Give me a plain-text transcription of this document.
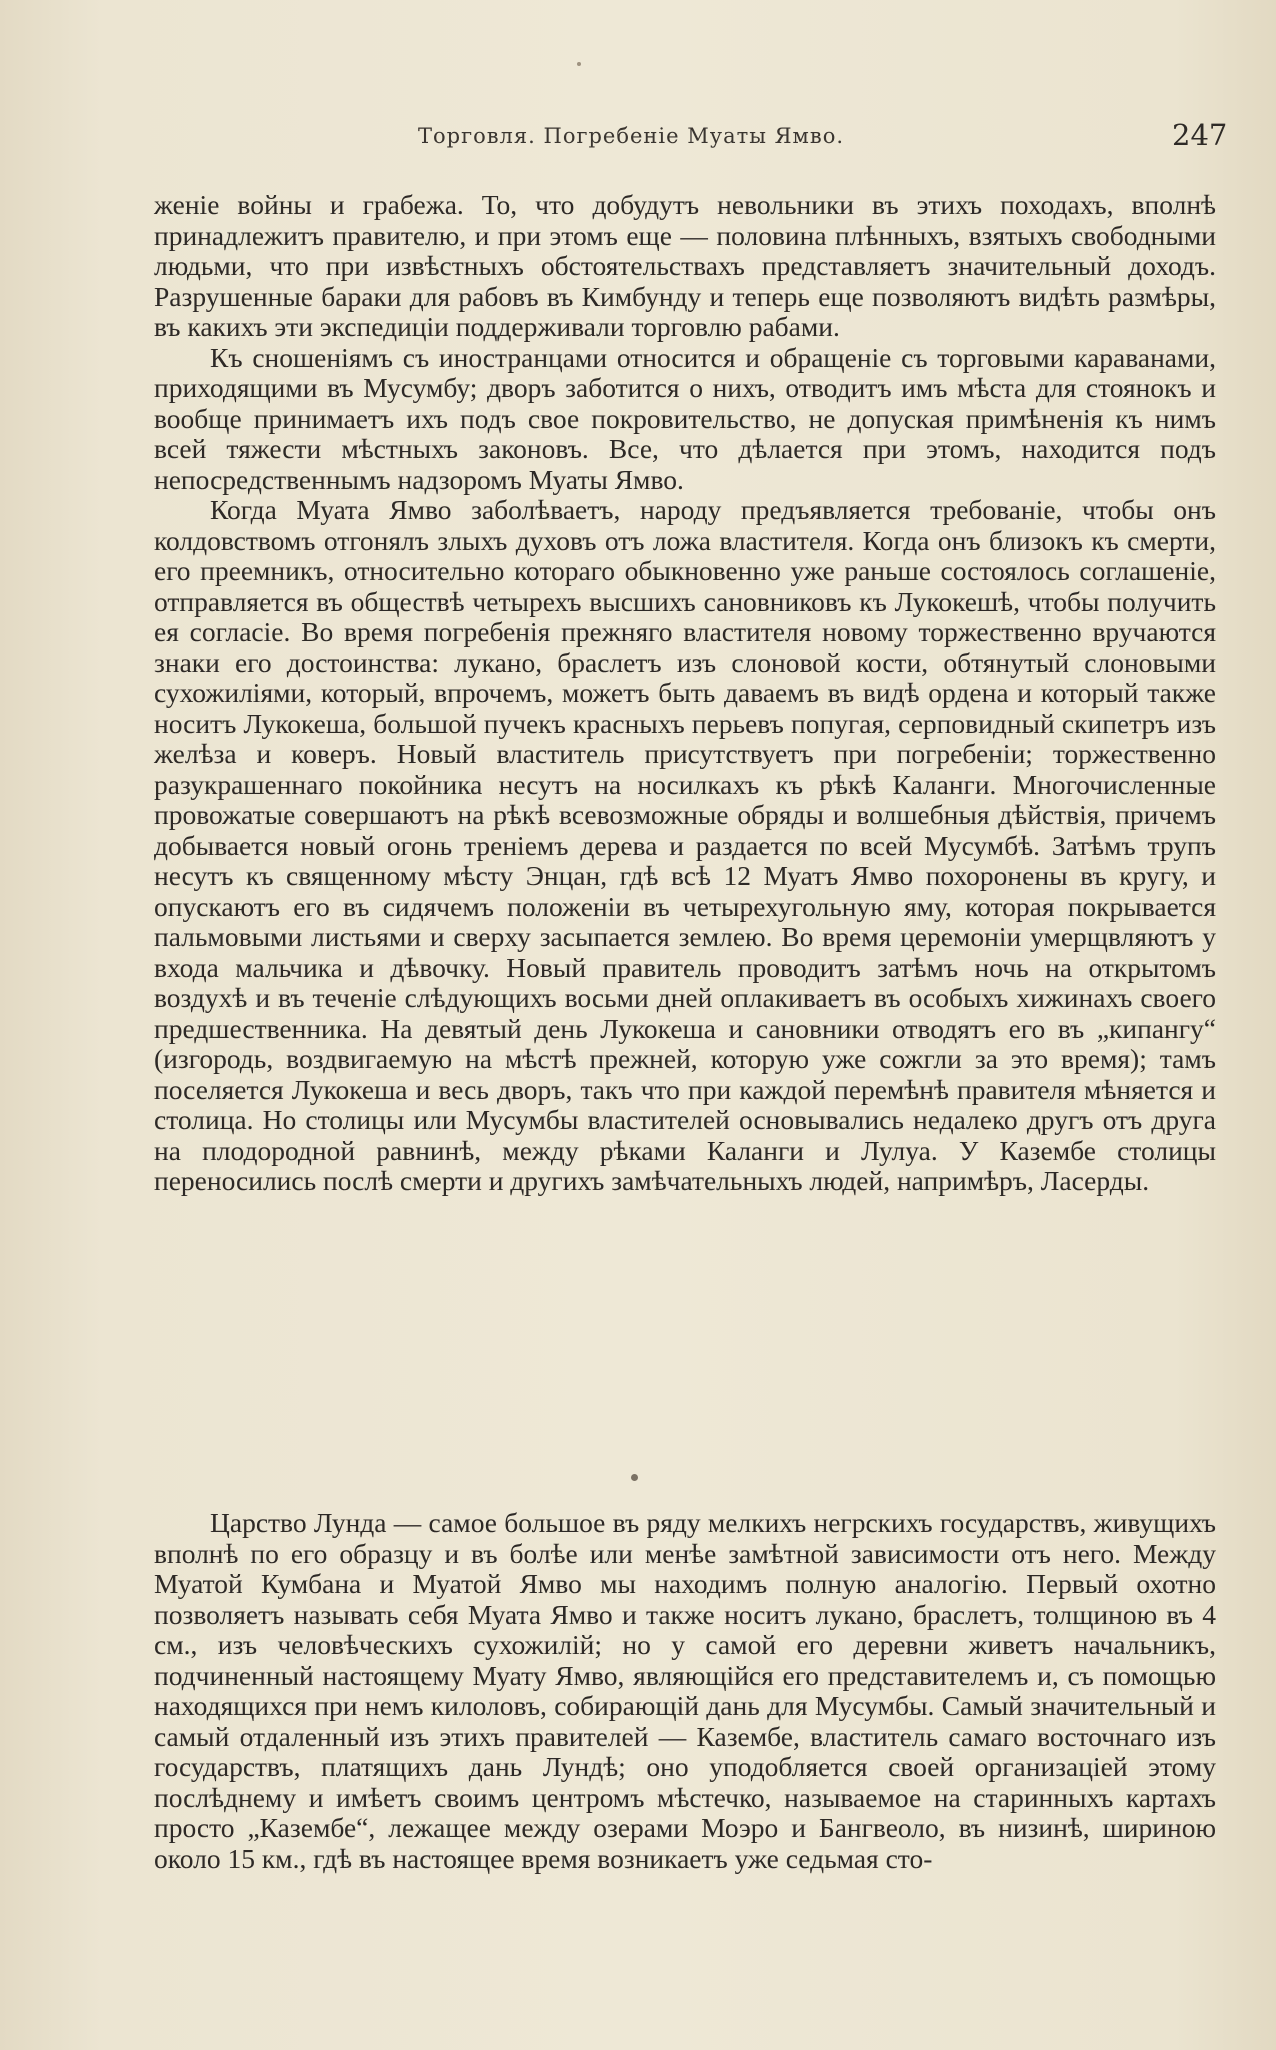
Торговля. Погребенiе Муаты Ямво.	247

женiе войны и грабежа. То, что добудутъ невольники въ этихъ походахъ, вполнѣ принадлежитъ правителю, и при этомъ еще — половина плѣнныхъ, взятыхъ свободными людьми, что при извѣстныхъ обстоятельствахъ представляетъ значительный доходъ. Разрушенные бараки для рабовъ въ Кимбунду и теперь еще позволяютъ видѣть размѣры, въ какихъ эти экспедицiи поддерживали торговлю рабами.

Къ сношенiямъ съ иностранцами относится и обращенiе съ торговыми караванами, приходящими въ Мусумбу; дворъ заботится о нихъ, отводитъ имъ мѣста для стоянокъ и вообще принимаетъ ихъ подъ свое покровительство, не допуская примѣненiя къ нимъ всей тяжести мѣстныхъ законовъ. Все, что дѣлается при этомъ, находится подъ непосредственнымъ надзоромъ Муаты Ямво.

Когда Муата Ямво заболѣваетъ, народу предъявляется требованiе, чтобы онъ колдовствомъ отгонялъ злыхъ духовъ отъ ложа властителя. Когда онъ близокъ къ смерти, его преемникъ, относительно котораго обыкновенно уже раньше состоялось соглашенiе, отправляется въ обществѣ четырехъ высшихъ сановниковъ къ Лукокешѣ, чтобы получить ея согласiе. Во время погребенiя прежняго властителя новому торжественно вручаются знаки его достоинства: лукано, браслетъ изъ слоновой кости, обтянутый слоновыми сухожилiями, который, впрочемъ, можетъ быть даваемъ въ видѣ ордена и который также носитъ Лукокеша, большой пучекъ красныхъ перьевъ попугая, серповидный скипетръ изъ желѣза и коверъ. Новый властитель присутствуетъ при погребенiи; торжественно разукрашеннаго покойника несутъ на носилкахъ къ рѣкѣ Каланги. Многочисленные провожатые совершаютъ на рѣкѣ всевозможные обряды и волшебныя дѣйствiя, причемъ добывается новый огонь тренiемъ дерева и раздается по всей Мусумбѣ. Затѣмъ трупъ несутъ къ священному мѣсту Энцан, гдѣ всѣ 12 Муатъ Ямво похоронены въ кругу, и опускаютъ его въ сидячемъ положенiи въ четырехугольную яму, которая покрывается пальмовыми листьями и сверху засыпается землею. Во время церемонiи умерщвляютъ у входа мальчика и дѣвочку. Новый правитель проводитъ затѣмъ ночь на открытомъ воздухѣ и въ теченiе слѣдующихъ восьми дней оплакиваетъ въ особыхъ хижинахъ своего предшественника. На девятый день Лукокеша и сановники отводятъ его въ „кипангу“ (изгородь, воздвигаемую на мѣстѣ прежней, которую уже сожгли за это время); тамъ поселяется Лукокеша и весь дворъ, такъ что при каждой перемѣнѣ правителя мѣняется и столица. Но столицы или Мусумбы властителей основывались недалеко другъ отъ друга на плодородной равнинѣ, между рѣками Каланги и Лулуа. У Казембе столицы переносились послѣ смерти и другихъ замѣчательныхъ людей, напримѣръ, Ласерды.

Царство Лунда — самое большое въ ряду мелкихъ негрскихъ государствъ, живущихъ вполнѣ по его образцу и въ болѣе или менѣе замѣтной зависимости отъ него. Между Муатой Кумбана и Муатой Ямво мы находимъ полную аналогiю. Первый охотно позволяетъ называть себя Муата Ямво и также носитъ лукано, браслетъ, толщиною въ 4 см., изъ человѣческихъ сухожилiй; но у самой его деревни живетъ начальникъ, подчиненный настоящему Муату Ямво, являющiйся его представителемъ и, съ помощью находящихся при немъ килоловъ, собирающiй дань для Мусумбы. Самый значительный и самый отдаленный изъ этихъ правителей — Казембе, властитель самаго восточнаго изъ государствъ, платящихъ дань Лундѣ; оно уподобляется своей организацiей этому послѣднему и имѣетъ своимъ центромъ мѣстечко, называемое на старинныхъ картахъ просто „Казембе“, лежащее между озерами Моэро и Бангвеоло, въ низинѣ, шириною около 15 км., гдѣ въ настоящее время возникаетъ уже седьмая сто-
